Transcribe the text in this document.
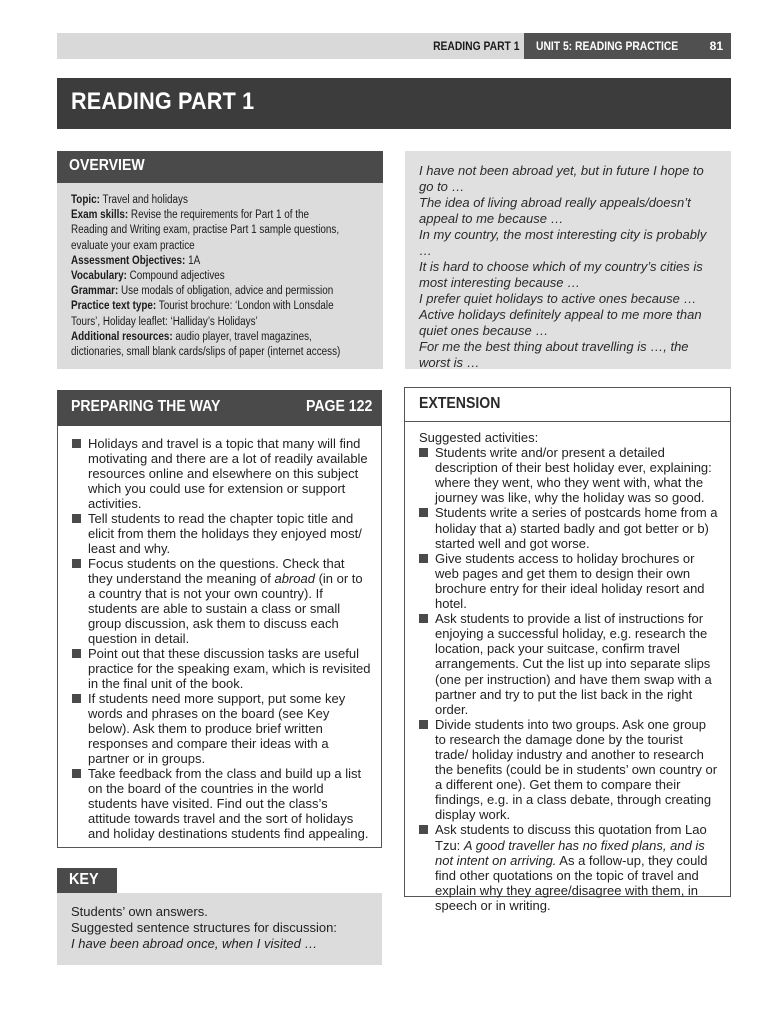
READING PART 1 UNIT 5: READING PRACTICE	81
READING PART 1
OVERVIEW

Topic: Travel and holidays

Exam skills: Revise the requirements for Part 1 of the

Reading and Writing exam, practise Part 1 sample questions,

evaluate your exam practice

Assessment Objectives: 1A

Vocabulary: Compound adjectives

Grammar: Use modals of obligation, advice and permission

Practice text type: Tourist brochure: ‘London with Lonsdale

Tours’, Holiday leaflet: ‘Halliday’s Holidays’

Additional resources: audio player, travel magazines,

dictionaries, small blank cards/slips of paper (internet access)

I have not been abroad yet, but in future I hope to go to …

The idea of living abroad really appeals/doesn’t appeal to me because …

In my country, the most interesting city is probably …

It is hard to choose which of my country’s cities is most interesting because …

I prefer quiet holidays to active ones because …

Active holidays definitely appeal to me more than quiet ones because …

For me the best thing about travelling is …, the worst is …

PREPARING THE WAY	PAGE 122
Holidays and travel is a topic that many will find motivating and there are a lot of readily available resources online and elsewhere on this subject which you could use for extension or support activities.
Tell students to read the chapter topic title and elicit from them the holidays they enjoyed most/ least and why.
Focus students on the questions. Check that they understand the meaning of abroad (in or to a country that is not your own country). If students are able to sustain a class or small group discussion, ask them to discuss each question in detail.
Point out that these discussion tasks are useful practice for the speaking exam, which is revisited in the final unit of the book.
If students need more support, put some key words and phrases on the board (see Key below). Ask them to produce brief written responses and compare their ideas with a partner or in groups.
Take feedback from the class and build up a list on the board of the countries in the world students have visited. Find out the class’s attitude towards travel and the sort of holidays and holiday destinations students find appealing.
EXTENSION

Suggested activities:

Students write and/or present a detailed description of their best holiday ever, explaining: where they went, who they went with, what the journey was like, why the holiday was so good.
Students write a series of postcards home from a holiday that a) started badly and got better or b) started well and got worse.
Give students access to holiday brochures or web pages and get them to design their own brochure entry for their ideal holiday resort and hotel.
Ask students to provide a list of instructions for enjoying a successful holiday, e.g. research the location, pack your suitcase, confirm travel arrangements. Cut the list up into separate slips (one per instruction) and have them swap with a partner and try to put the list back in the right order.
Divide students into two groups. Ask one group to research the damage done by the tourist trade/ holiday industry and another to research the benefits (could be in students’ own country or a different one). Get them to compare their findings, e.g. in a class debate, through creating display work.
Ask students to discuss this quotation from Lao Tzu: A good traveller has no fixed plans, and is not intent on arriving. As a follow-up, they could find other quotations on the topic of travel and explain why they agree/disagree with them, in speech or in writing.
KEY

Students’ own answers.

Suggested sentence structures for discussion:

I have been abroad once, when I visited …
